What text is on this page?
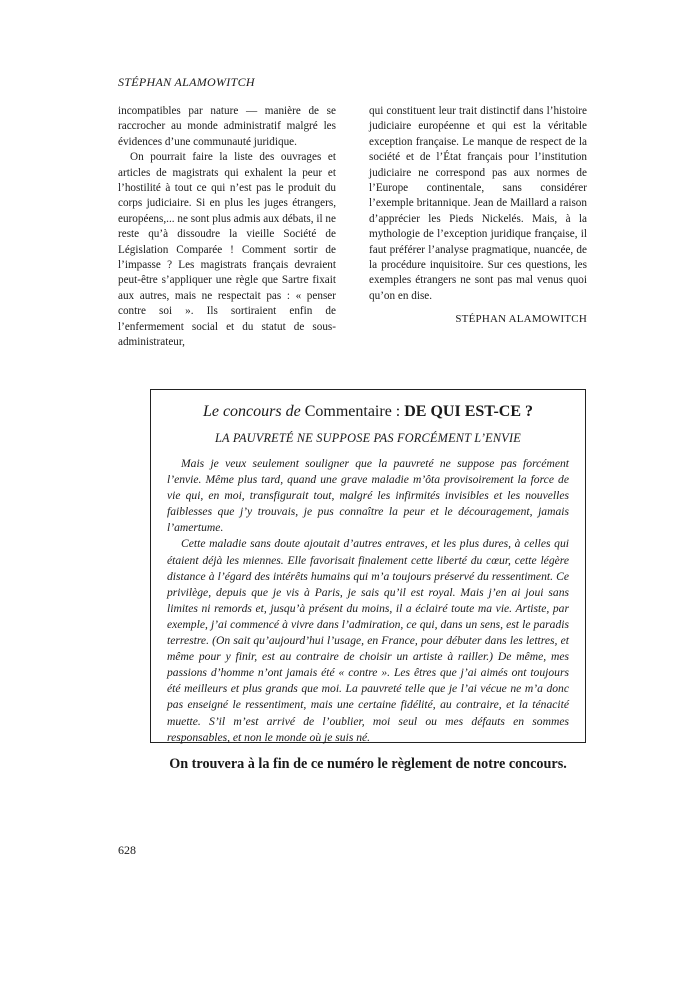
STÉPHAN ALAMOWITCH

incompatibles par nature — manière de se raccrocher au monde administratif malgré les évidences d’une communauté juridique.

On pourrait faire la liste des ouvrages et articles de magistrats qui exhalent la peur et l’hostilité à tout ce qui n’est pas le produit du corps judiciaire. Si en plus les juges étrangers, européens,... ne sont plus admis aux débats, il ne reste qu’à dissoudre la vieille Société de Législation Comparée ! Comment sortir de l’impasse ? Les magistrats français devraient peut-être s’appliquer une règle que Sartre fixait aux autres, mais ne respectait pas : « penser contre soi ». Ils sortiraient enfin de l’enfermement social et du statut de sous-administrateur,

qui constituent leur trait distinctif dans l’histoire judiciaire européenne et qui est la véritable exception française. Le manque de respect de la société et de l’État français pour l’institution judiciaire ne correspond pas aux normes de l’Europe continentale, sans considérer l’exemple britannique. Jean de Maillard a raison d’apprécier les Pieds Nickelés. Mais, à la mythologie de l’exception juridique française, il faut préférer l’analyse pragmatique, nuancée, de la procédure inquisitoire. Sur ces questions, les exemples étrangers ne sont pas mal venus quoi qu’on en dise.

STÉPHAN ALAMOWITCH

Le concours de Commentaire : DE QUI EST-CE ?
LA PAUVRETÉ NE SUPPOSE PAS FORCÉMENT L’ENVIE

Mais je veux seulement souligner que la pauvreté ne suppose pas forcément l’envie. Même plus tard, quand une grave maladie m’ôta provisoirement la force de vie qui, en moi, transfigurait tout, malgré les infirmités invisibles et les nouvelles faiblesses que j’y trouvais, je pus connaître la peur et le découragement, jamais l’amertume.

Cette maladie sans doute ajoutait d’autres entraves, et les plus dures, à celles qui étaient déjà les miennes. Elle favorisait finalement cette liberté du cœur, cette légère distance à l’égard des intérêts humains qui m’a toujours préservé du ressentiment. Ce privilège, depuis que je vis à Paris, je sais qu’il est royal. Mais j’en ai joui sans limites ni remords et, jusqu’à présent du moins, il a éclairé toute ma vie. Artiste, par exemple, j’ai commencé à vivre dans l’admiration, ce qui, dans un sens, est le paradis terrestre. (On sait qu’aujourd’hui l’usage, en France, pour débuter dans les lettres, et même pour y finir, est au contraire de choisir un artiste à railler.) De même, mes passions d’homme n’ont jamais été « contre ». Les êtres que j’ai aimés ont toujours été meilleurs et plus grands que moi. La pauvreté telle que je l’ai vécue ne m’a donc pas enseigné le ressentiment, mais une certaine fidélité, au contraire, et la ténacité muette. S’il m’est arrivé de l’oublier, moi seul ou mes défauts en sommes responsables, et non le monde où je suis né.

On trouvera à la fin de ce numéro le règlement de notre concours.
628
